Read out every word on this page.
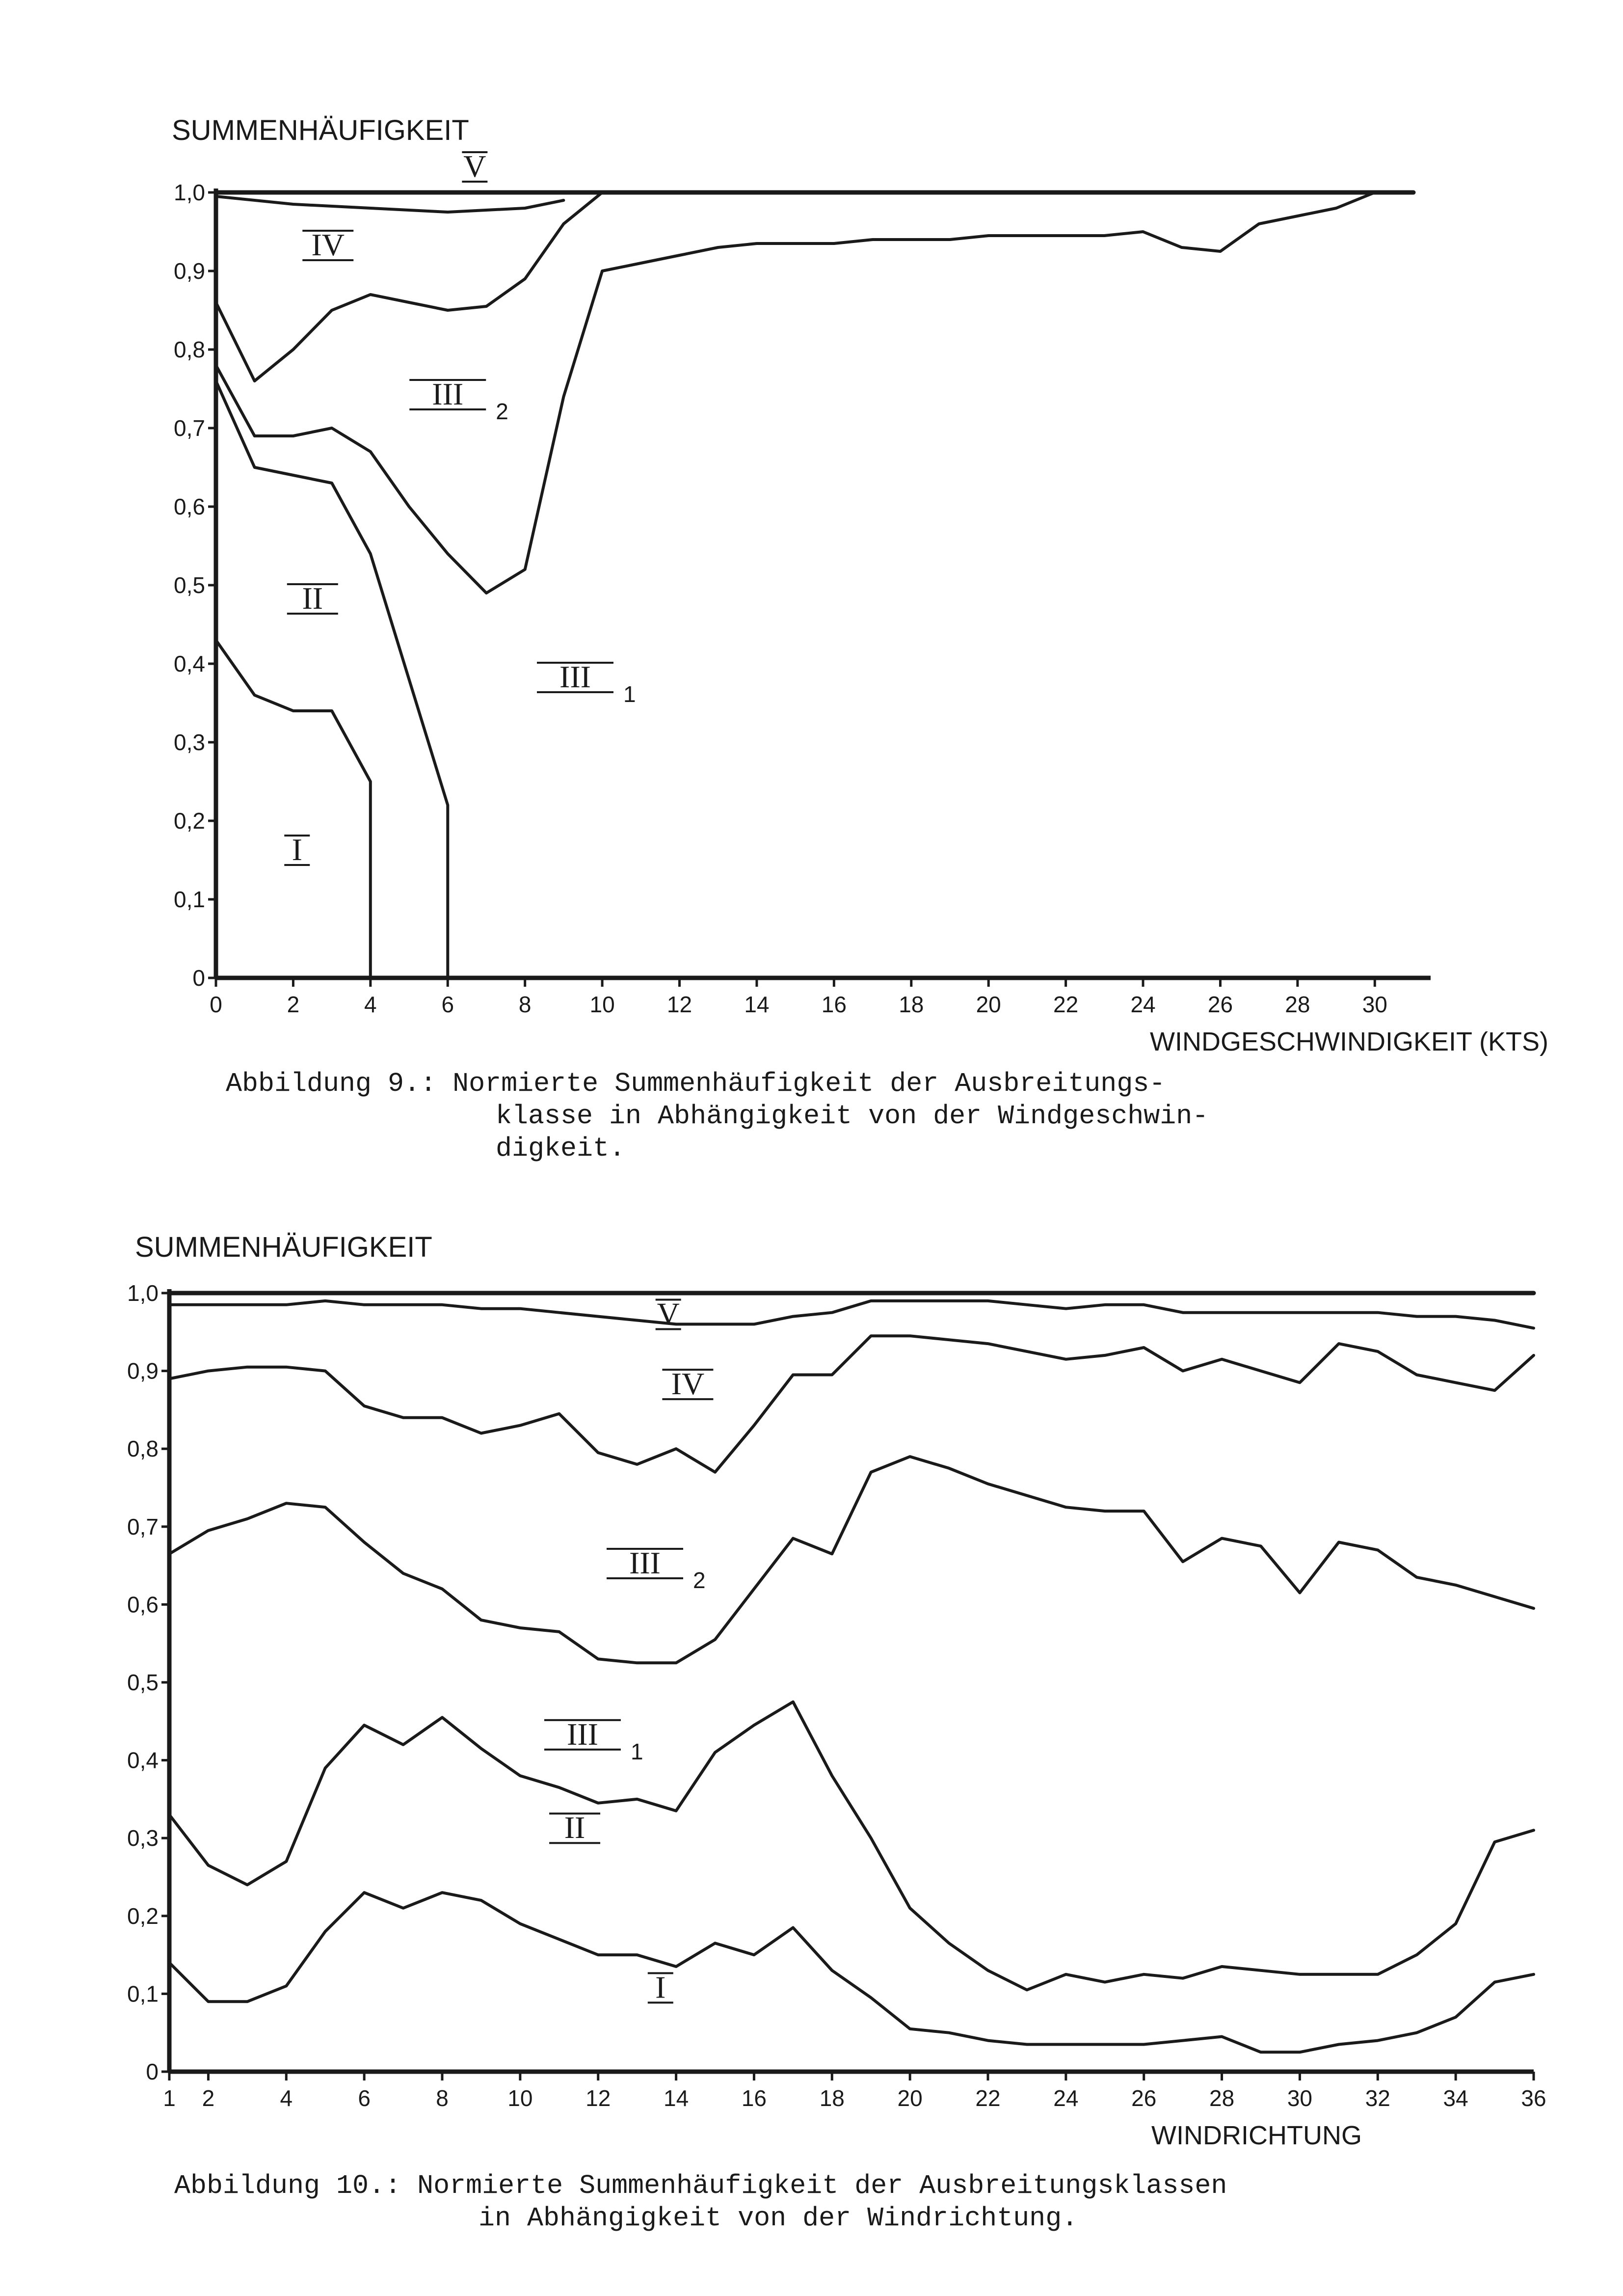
0
0,1
0,2
0,3
0,4
0,5
0,6
0,7
0,8
0,9
1,0
0	2	4	6	8	10 12 14 16 18 20 22 24 26 28 30
SUMMENHÄUFIGKEIT
WINDGESCHWINDIGKEIT (KTS)
I
II
III 1
III 2
IV
V
Abbildung 9.: Normierte Summenhäufigkeit der Ausbreitungs-
klasse in Abhängigkeit von der Windgeschwin-
digkeit.
0
0,1
0,2
0,3
0,4
0,5
0,6
0,7
0,8
0,9
1,0
1 2	4	6	8	10 12 14 16 18 20 22 24 26 28 30 32 34 36
SUMMENHÄUFIGKEIT
WINDRICHTUNG
I
II
III 1
III 2
IV
V
Abbildung 10.: Normierte Summenhäufigkeit der Ausbreitungsklassen
in Abhängigkeit von der Windrichtung.
